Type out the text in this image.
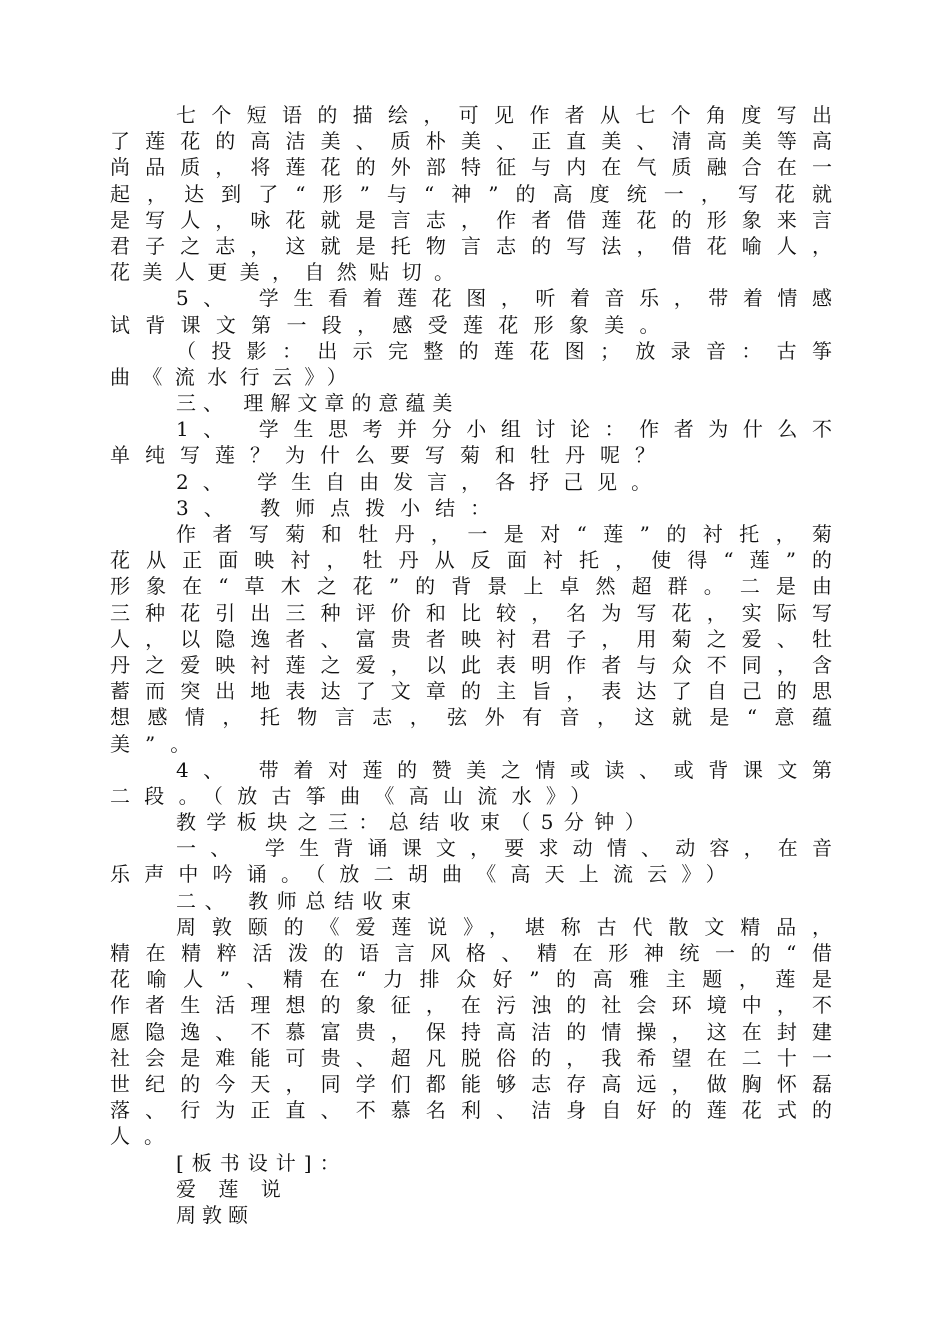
七个短语的描绘，可见作者从七个角度写出
了莲花的高洁美、质朴美、正直美、清高美等高
尚品质，将莲花的外部特征与内在气质融合在一
起，达到了“形”与“神”的高度统一，写花就
是写人，咏花就是言志，作者借莲花的形象来言
君子之志，这就是托物言志的写法，借花喻人，
花美人更美，自然贴切。
5、 学生看着莲花图，听着音乐，带着情感
试背课文第一段，感受莲花形象美。
（投影：出示完整的莲花图；放录音：古筝
曲《流水行云》）
三、 理解文章的意蕴美
1、 学生思考并分小组讨论：作者为什么不
单纯写莲？为什么要写菊和牡丹呢？
2、 学生自由发言，各抒己见。
3、 教师点拨小结：
作者写菊和牡丹，一是对“莲”的衬托，菊
花从正面映衬，牡丹从反面衬托，使得“莲”的
形象在“草木之花”的背景上卓然超群。二是由
三种花引出三种评价和比较，名为写花，实际写
人，以隐逸者、富贵者映衬君子，用菊之爱、牡
丹之爱映衬莲之爱，以此表明作者与众不同，含
蓄而突出地表达了文章的主旨，表达了自己的思
想感情，托物言志，弦外有音，这就是“意蕴
美”。
4、 带着对莲的赞美之情或读、或背课文第
二段。（放古筝曲《高山流水》）
教学板块之三：总结收束（5分钟）
一、 学生背诵课文，要求动情、动容，在音
乐声中吟诵。（放二胡曲《高天上流云》）
二、 教师总结收束
周敦颐的《爱莲说》，堪称古代散文精品，
精在精粹活泼的语言风格、精在形神统一的“借
花喻人”、精在“力排众好”的高雅主题，莲是
作者生活理想的象征，在污浊的社会环境中，不
愿隐逸、不慕富贵，保持高洁的情操，这在封建
社会是难能可贵、超凡脱俗的，我希望在二十一
世纪的今天，同学们都能够志存高远，做胸怀磊
落、行为正直、不慕名利、洁身自好的莲花式的
人。
[板书设计]：
爱 莲 说
周敦颐
